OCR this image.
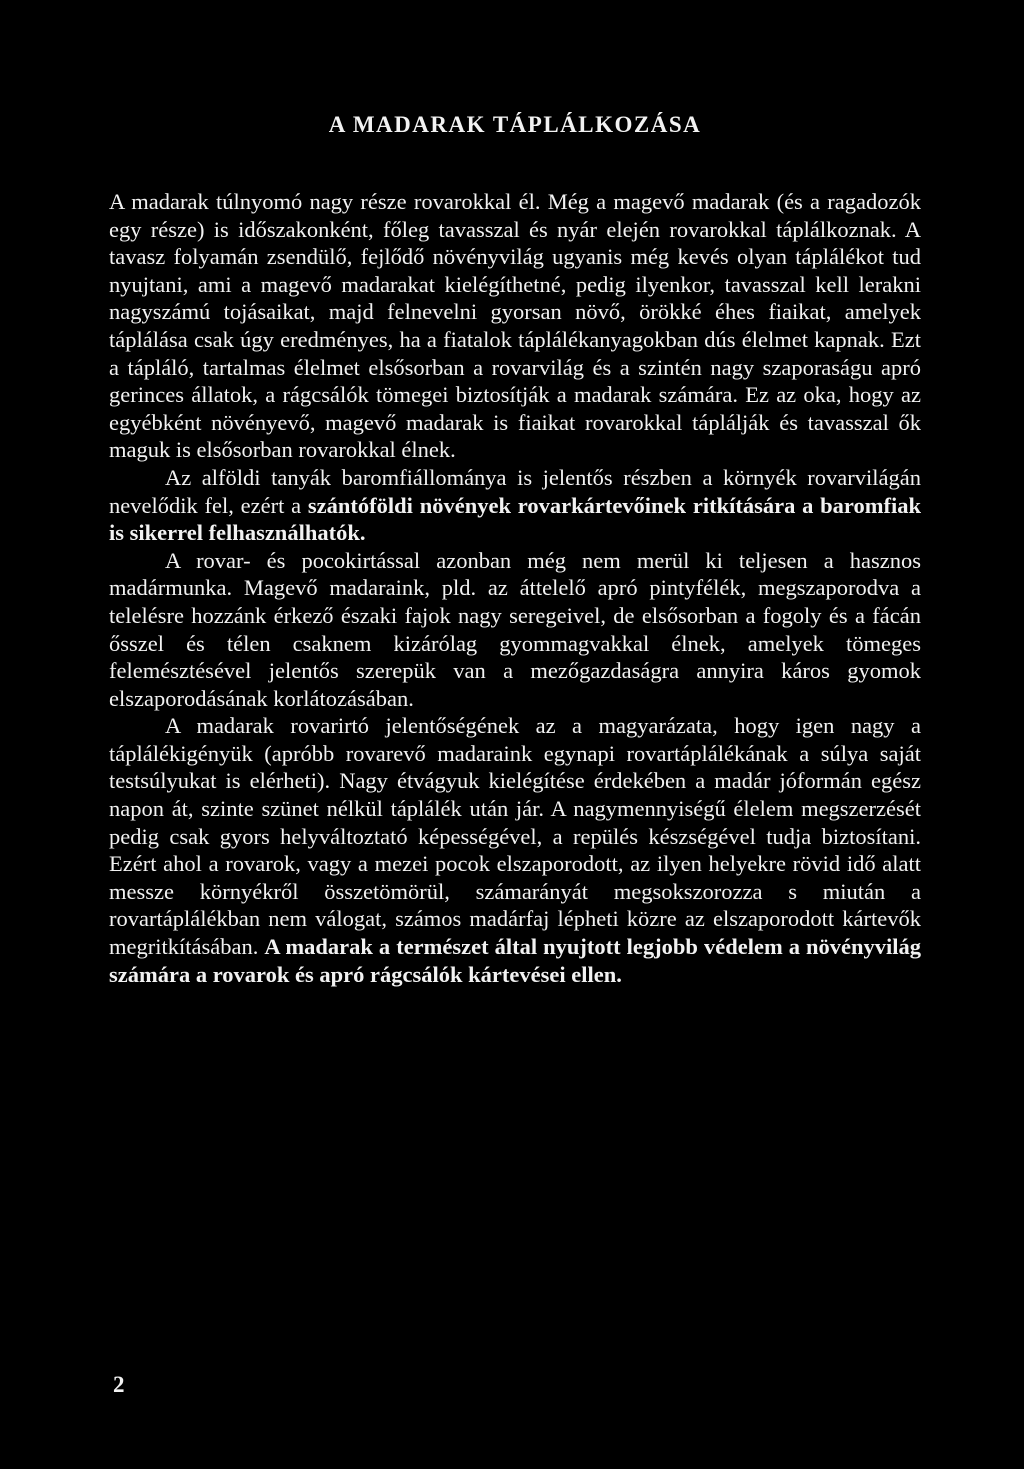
A MADARAK TÁPLÁLKOZÁSA

A madarak túlnyomó nagy része rovarokkal él. Még a magevő madarak (és a ragadozók egy része) is időszakonként, főleg tavasszal és nyár elején rovarokkal táplálkoznak. A tavasz folyamán zsendülő, fejlődő növényvilág ugyanis még kevés olyan táplálékot tud nyujtani, ami a magevő madarakat kielégíthetné, pedig ilyenkor, tavasszal kell lerakni nagyszámú tojásaikat, majd felnevelni gyorsan növő, örökké éhes fiaikat, amelyek táplálása csak úgy eredményes, ha a fiatalok táplálékanyagokban dús élelmet kapnak. Ezt a tápláló, tartalmas élelmet elsősorban a rovarvilág és a szintén nagy szaporaságu apró gerinces állatok, a rágcsálók tömegei biztosítják a madarak számára. Ez az oka, hogy az egyébként növényevő, magevő madarak is fiaikat rovarokkal táplálják és tavasszal ők maguk is elsősorban rovarokkal élnek.

Az alföldi tanyák baromfiállománya is jelentős részben a környék rovarvilágán nevelődik fel, ezért a szántóföldi növények rovarkártevőinek ritkítására a baromfiak is sikerrel felhasználhatók.

A rovar- és pocokirtással azonban még nem merül ki teljesen a hasznos madármunka. Magevő madaraink, pld. az áttelelő apró pintyfélék, megszaporodva a telelésre hozzánk érkező északi fajok nagy seregeivel, de elsősorban a fogoly és a fácán ősszel és télen csaknem kizárólag gyommagvakkal élnek, amelyek tömeges felemésztésével jelentős szerepük van a mezőgazdaságra annyira káros gyomok elszaporodásának korlátozásában.

A madarak rovarirtó jelentőségének az a magyarázata, hogy igen nagy a táplálékigényük (apróbb rovarevő madaraink egynapi rovartáplálékának a súlya saját testsúlyukat is elérheti). Nagy étvágyuk kielégítése érdekében a madár jóformán egész napon át, szinte szünet nélkül táplálék után jár. A nagymennyiségű élelem megszerzését pedig csak gyors helyváltoztató képességével, a repülés készségével tudja biztosítani. Ezért ahol a rovarok, vagy a mezei pocok elszaporodott, az ilyen helyekre rövid idő alatt messze környékről összetömörül, számarányát megsokszorozza s miután a rovartáplálékban nem válogat, számos madárfaj lépheti közre az elszaporodott kártevők megritkításában. A madarak a természet által nyujtott legjobb védelem a növényvilág számára a rovarok és apró rágcsálók kártevései ellen.

2
